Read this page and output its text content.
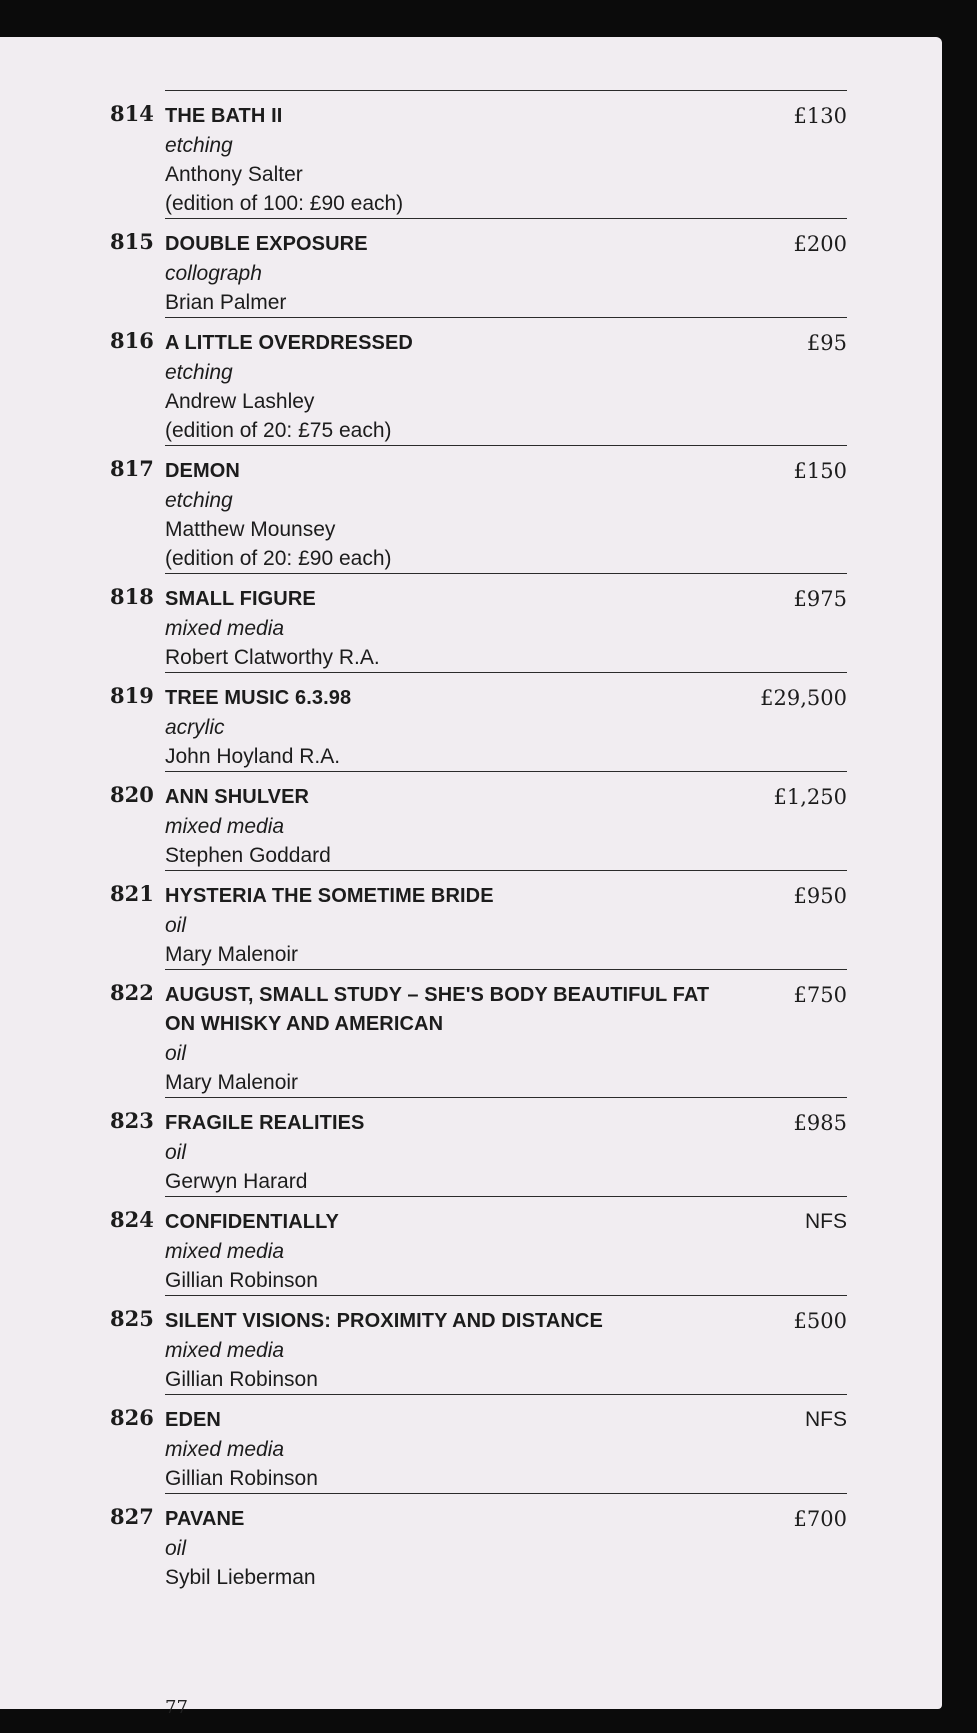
814 THE BATH II
etching
Anthony Salter
(edition of 100: £90 each)
£130
815 DOUBLE EXPOSURE
collograph
Brian Palmer
£200
816 A LITTLE OVERDRESSED
etching
Andrew Lashley
(edition of 20: £75 each)
£95
817 DEMON
etching
Matthew Mounsey
(edition of 20: £90 each)
£150
818 SMALL FIGURE
mixed media
Robert Clatworthy R.A.
£975
819 TREE MUSIC 6.3.98
acrylic
John Hoyland R.A.
£29,500
820 ANN SHULVER
mixed media
Stephen Goddard
£1,250
821 HYSTERIA THE SOMETIME BRIDE
oil
Mary Malenoir
£950
822 AUGUST, SMALL STUDY – SHE'S BODY BEAUTIFUL FAT ON WHISKY AND AMERICAN
oil
Mary Malenoir
£750
823 FRAGILE REALITIES
oil
Gerwyn Harard
£985
824 CONFIDENTIALLY
mixed media
Gillian Robinson
NFS
825 SILENT VISIONS: PROXIMITY AND DISTANCE
mixed media
Gillian Robinson
£500
826 EDEN
mixed media
Gillian Robinson
NFS
827 PAVANE
oil
Sybil Lieberman
£700
77
